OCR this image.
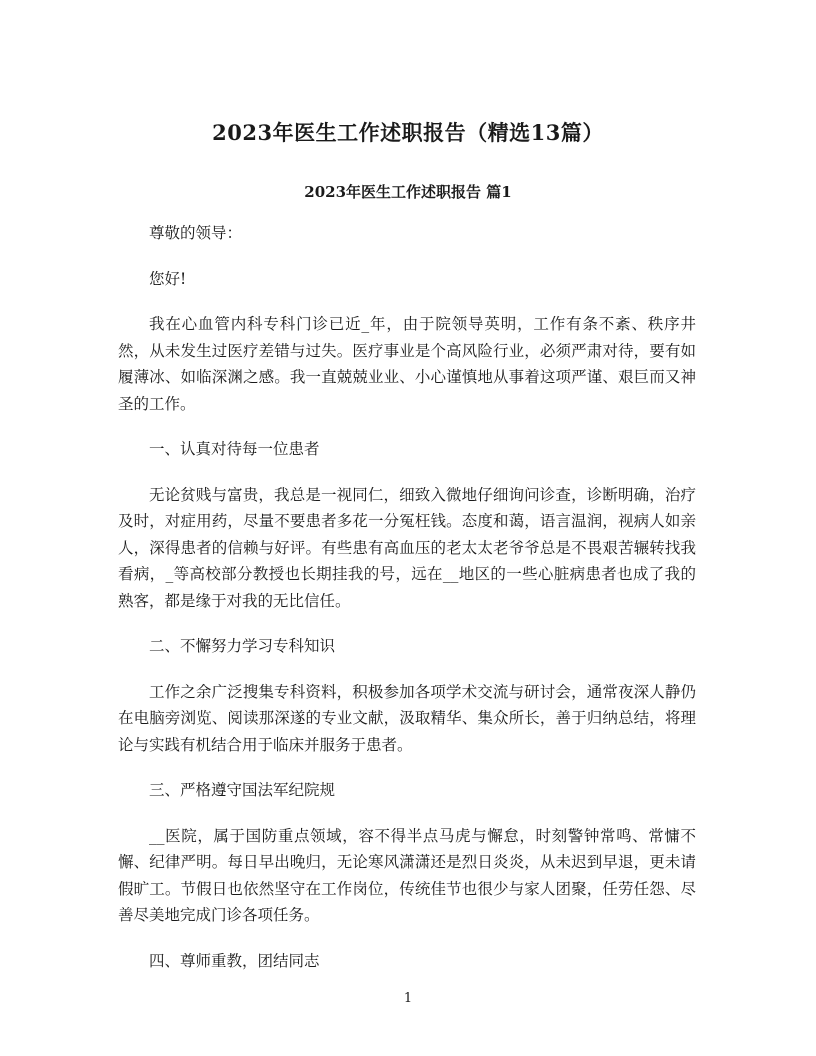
2023年医生工作述职报告（精选13篇）
2023年医生工作述职报告 篇1

尊敬的领导：

您好!

我在心血管内科专科门诊已近_年，由于院领导英明，工作有条不紊、秩序井然，从未发生过医疗差错与过失。医疗事业是个高风险行业，必须严肃对待，要有如履薄冰、如临深渊之感。我一直兢兢业业、小心谨慎地从事着这项严谨、艰巨而又神圣的工作。

一、认真对待每一位患者

无论贫贱与富贵，我总是一视同仁，细致入微地仔细询问诊查，诊断明确，治疗及时，对症用药，尽量不要患者多花一分冤枉钱。态度和蔼，语言温润，视病人如亲人，深得患者的信赖与好评。有些患有高血压的老太太老爷爷总是不畏艰苦辗转找我看病，_等高校部分教授也长期挂我的号，远在__地区的一些心脏病患者也成了我的熟客，都是缘于对我的无比信任。

二、不懈努力学习专科知识

工作之余广泛搜集专科资料，积极参加各项学术交流与研讨会，通常夜深人静仍在电脑旁浏览、阅读那深遂的专业文献，汲取精华、集众所长，善于归纳总结，将理论与实践有机结合用于临床并服务于患者。

三、严格遵守国法军纪院规

__医院，属于国防重点领域，容不得半点马虎与懈怠，时刻警钟常鸣、常慵不懈、纪律严明。每日早出晚归，无论寒风潇潇还是烈日炎炎，从未迟到早退，更未请假旷工。节假日也依然坚守在工作岗位，传统佳节也很少与家人团聚，任劳任怨、尽善尽美地完成门诊各项任务。

四、尊师重教，团结同志

1
